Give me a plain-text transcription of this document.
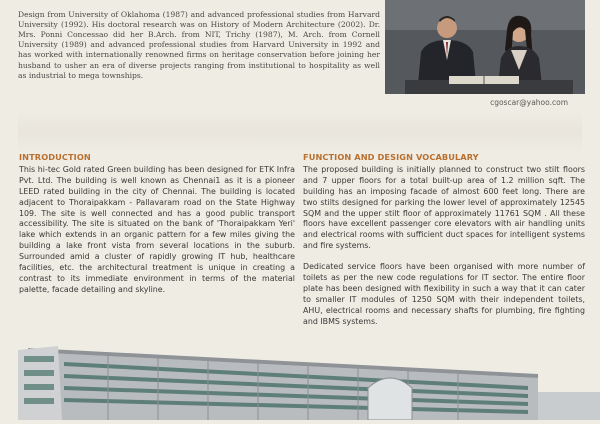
Design from University of Oklahoma (1987) and advanced professional studies from Harvard University (1992). His doctoral research was on History of Modern Architecture (2002). Dr. Mrs. Ponni Concessao did her B.Arch. from NIT, Trichy (1987), M. Arch. from Cornell University (1989) and advanced professional studies from Harvard University in 1992 and has worked with internationally renowned firms on heritage conservation before joining her husband to usher an era of diverse projects ranging from institutional to hospitality as well as industrial to mega townships.

cgoscar@yahoo.com
INTRODUCTION

This hi-tec Gold rated Green building has been designed for ETK Infra Pvt. Ltd. The building is well known as Chennai1 as it is a pioneer LEED rated building in the city of Chennai. The building is located adjacent to Thoraipakkam - Pallavaram road on the State Highway 109. The site is well connected and has a good public transport accessibility. The site is situated on the bank of 'Thoraipakkam Yeri' lake which extends in an organic pattern for a few miles giving the building a lake front vista from several locations in the suburb. Surrounded amid a cluster of rapidly growing IT hub, healthcare facilities, etc. the architectural treatment is unique in creating a contrast to its immediate environment in terms of the material palette, facade detailing and skyline.

FUNCTION AND DESIGN VOCABULARY

The proposed building is initially planned to construct two stilt floors and 7 upper floors for a total built-up area of 1.2 million sqft. The building has an imposing facade of almost 600 feet long. There are two stilts designed for parking the lower level of approximately 12545 SQM and the upper stilt floor of approximately 11761 SQM . All these floors have excellent passenger core elevators with air handling units and electrical rooms with sufficient duct spaces for intelligent systems and fire systems.

Dedicated service floors have been organised with more number of toilets as per the new code regulations for IT sector. The entire floor plate has been designed with flexibility in such a way that it can cater to smaller IT modules of 1250 SQM with their independent toilets, AHU, electrical rooms and necessary shafts for plumbing, fire fighting and IBMS systems.
